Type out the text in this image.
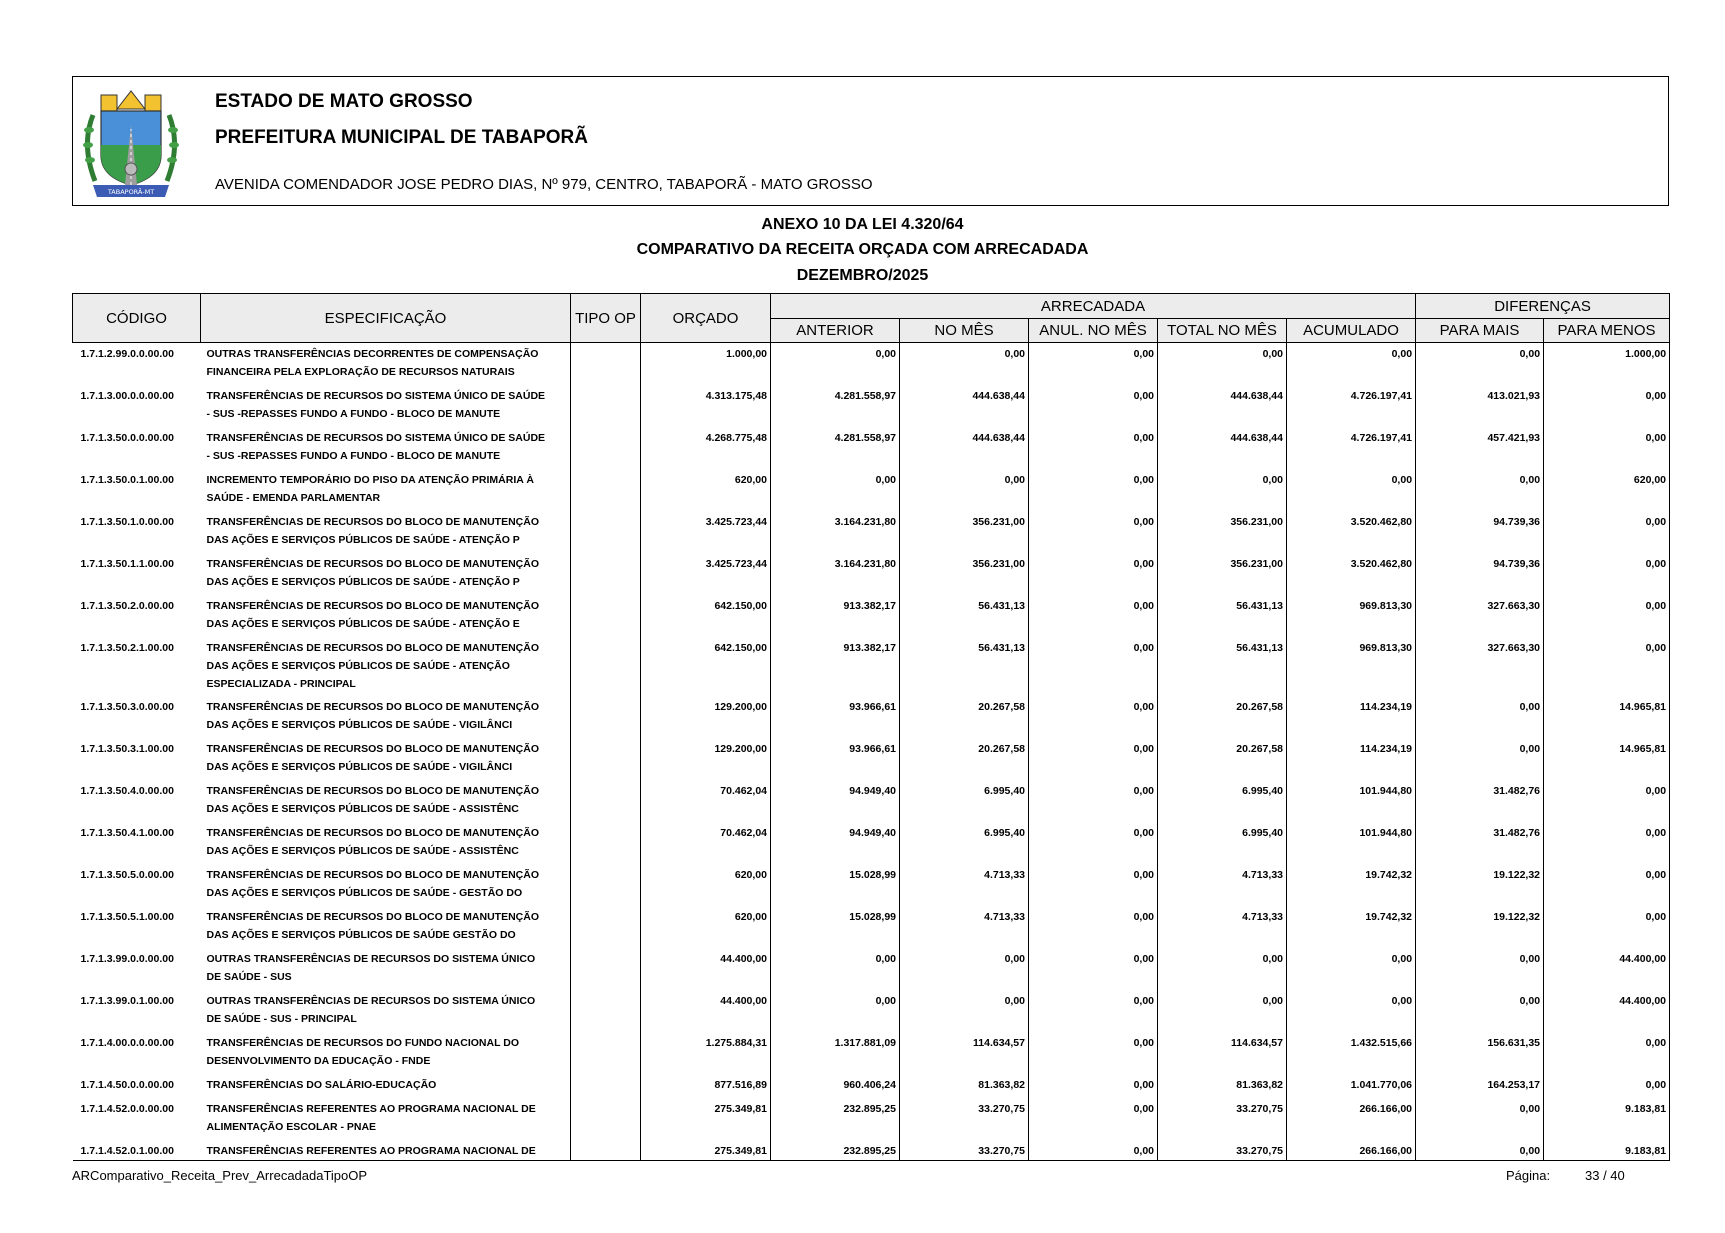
TABAPORÃ-MT
ESTADO DE MATO GROSSO
PREFEITURA MUNICIPAL DE TABAPORÃ
AVENIDA COMENDADOR JOSE PEDRO DIAS, Nº 979, CENTRO, TABAPORÃ - MATO GROSSO
ANEXO 10 DA LEI 4.320/64
COMPARATIVO DA RECEITA ORÇADA COM ARRECADADA
DEZEMBRO/2025
CÓDIGO	ESPECIFICAÇÃO	TIPO OP	ORÇADO	ARRECADADA					DIFERENÇAS	
				ANTERIOR	NO MÊS	ANUL. NO MÊS	TOTAL NO MÊS	ACUMULADO	PARA MAIS	PARA MENOS
1.7.1.2.99.0.0.00.00	OUTRAS TRANSFERÊNCIAS DECORRENTES DE COMPENSAÇÃO
FINANCEIRA PELA EXPLORAÇÃO DE RECURSOS NATURAIS		1.000,00	0,00	0,00	0,00	0,00	0,00	0,00	1.000,00
1.7.1.3.00.0.0.00.00	TRANSFERÊNCIAS DE RECURSOS DO SISTEMA ÚNICO DE SAÚDE
- SUS -REPASSES FUNDO A FUNDO - BLOCO DE MANUTE		4.313.175,48	4.281.558,97	444.638,44	0,00	444.638,44	4.726.197,41	413.021,93	0,00
1.7.1.3.50.0.0.00.00	TRANSFERÊNCIAS DE RECURSOS DO SISTEMA ÚNICO DE SAÚDE
- SUS -REPASSES FUNDO A FUNDO - BLOCO DE MANUTE		4.268.775,48	4.281.558,97	444.638,44	0,00	444.638,44	4.726.197,41	457.421,93	0,00
1.7.1.3.50.0.1.00.00	INCREMENTO TEMPORÁRIO DO PISO DA ATENÇÃO PRIMÁRIA À
SAÚDE - EMENDA PARLAMENTAR		620,00	0,00	0,00	0,00	0,00	0,00	0,00	620,00
1.7.1.3.50.1.0.00.00	TRANSFERÊNCIAS DE RECURSOS DO BLOCO DE MANUTENÇÃO
DAS AÇÕES E SERVIÇOS PÚBLICOS DE SAÚDE - ATENÇÃO P		3.425.723,44	3.164.231,80	356.231,00	0,00	356.231,00	3.520.462,80	94.739,36	0,00
1.7.1.3.50.1.1.00.00	TRANSFERÊNCIAS DE RECURSOS DO BLOCO DE MANUTENÇÃO
DAS AÇÕES E SERVIÇOS PÚBLICOS DE SAÚDE - ATENÇÃO P		3.425.723,44	3.164.231,80	356.231,00	0,00	356.231,00	3.520.462,80	94.739,36	0,00
1.7.1.3.50.2.0.00.00	TRANSFERÊNCIAS DE RECURSOS DO BLOCO DE MANUTENÇÃO
DAS AÇÕES E SERVIÇOS PÚBLICOS DE SAÚDE - ATENÇÃO E		642.150,00	913.382,17	56.431,13	0,00	56.431,13	969.813,30	327.663,30	0,00
1.7.1.3.50.2.1.00.00	TRANSFERÊNCIAS DE RECURSOS DO BLOCO DE MANUTENÇÃO
DAS AÇÕES E SERVIÇOS PÚBLICOS DE SAÚDE - ATENÇÃO
ESPECIALIZADA - PRINCIPAL		642.150,00	913.382,17	56.431,13	0,00	56.431,13	969.813,30	327.663,30	0,00
1.7.1.3.50.3.0.00.00	TRANSFERÊNCIAS DE RECURSOS DO BLOCO DE MANUTENÇÃO
DAS AÇÕES E SERVIÇOS PÚBLICOS DE SAÚDE - VIGILÂNCI		129.200,00	93.966,61	20.267,58	0,00	20.267,58	114.234,19	0,00	14.965,81
1.7.1.3.50.3.1.00.00	TRANSFERÊNCIAS DE RECURSOS DO BLOCO DE MANUTENÇÃO
DAS AÇÕES E SERVIÇOS PÚBLICOS DE SAÚDE - VIGILÂNCI		129.200,00	93.966,61	20.267,58	0,00	20.267,58	114.234,19	0,00	14.965,81
1.7.1.3.50.4.0.00.00	TRANSFERÊNCIAS DE RECURSOS DO BLOCO DE MANUTENÇÃO
DAS AÇÕES E SERVIÇOS PÚBLICOS DE SAÚDE - ASSISTÊNC		70.462,04	94.949,40	6.995,40	0,00	6.995,40	101.944,80	31.482,76	0,00
1.7.1.3.50.4.1.00.00	TRANSFERÊNCIAS DE RECURSOS DO BLOCO DE MANUTENÇÃO
DAS AÇÕES E SERVIÇOS PÚBLICOS DE SAÚDE - ASSISTÊNC		70.462,04	94.949,40	6.995,40	0,00	6.995,40	101.944,80	31.482,76	0,00
1.7.1.3.50.5.0.00.00	TRANSFERÊNCIAS DE RECURSOS DO BLOCO DE MANUTENÇÃO
DAS AÇÕES E SERVIÇOS PÚBLICOS DE SAÚDE - GESTÃO DO		620,00	15.028,99	4.713,33	0,00	4.713,33	19.742,32	19.122,32	0,00
1.7.1.3.50.5.1.00.00	TRANSFERÊNCIAS DE RECURSOS DO BLOCO DE MANUTENÇÃO
DAS AÇÕES E SERVIÇOS PÚBLICOS DE SAÚDE GESTÃO DO		620,00	15.028,99	4.713,33	0,00	4.713,33	19.742,32	19.122,32	0,00
1.7.1.3.99.0.0.00.00	OUTRAS TRANSFERÊNCIAS DE RECURSOS DO SISTEMA ÚNICO
DE SAÚDE - SUS		44.400,00	0,00	0,00	0,00	0,00	0,00	0,00	44.400,00
1.7.1.3.99.0.1.00.00	OUTRAS TRANSFERÊNCIAS DE RECURSOS DO SISTEMA ÚNICO
DE SAÚDE - SUS - PRINCIPAL		44.400,00	0,00	0,00	0,00	0,00	0,00	0,00	44.400,00
1.7.1.4.00.0.0.00.00	TRANSFERÊNCIAS DE RECURSOS DO FUNDO NACIONAL DO
DESENVOLVIMENTO DA EDUCAÇÃO - FNDE		1.275.884,31	1.317.881,09	114.634,57	0,00	114.634,57	1.432.515,66	156.631,35	0,00
1.7.1.4.50.0.0.00.00	TRANSFERÊNCIAS DO SALÁRIO-EDUCAÇÃO		877.516,89	960.406,24	81.363,82	0,00	81.363,82	1.041.770,06	164.253,17	0,00
1.7.1.4.52.0.0.00.00	TRANSFERÊNCIAS REFERENTES AO PROGRAMA NACIONAL DE
ALIMENTAÇÃO ESCOLAR - PNAE		275.349,81	232.895,25	33.270,75	0,00	33.270,75	266.166,00	0,00	9.183,81
1.7.1.4.52.0.1.00.00	TRANSFERÊNCIAS REFERENTES AO PROGRAMA NACIONAL DE		275.349,81	232.895,25	33.270,75	0,00	33.270,75	266.166,00	0,00	9.183,81
ARComparativo_Receita_Prev_ArrecadadaTipoOP	Página:	33 / 40
